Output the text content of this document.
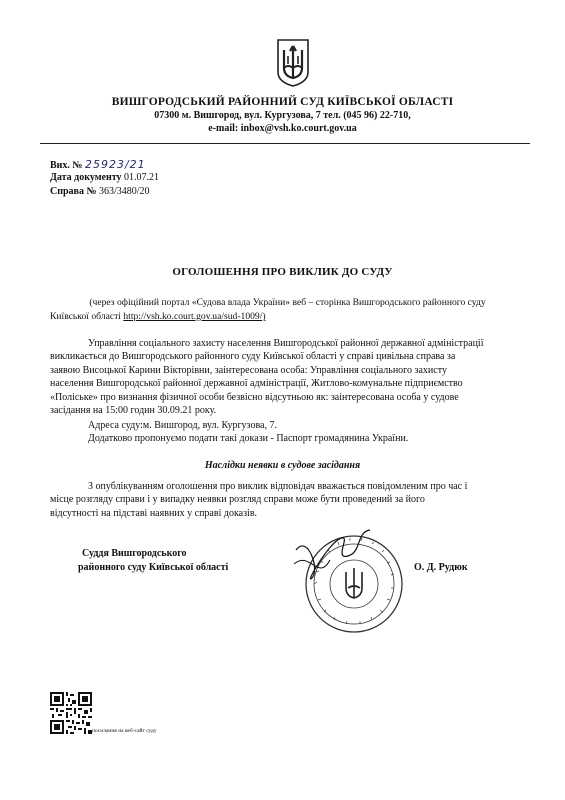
ВИШГОРОДСЬКИЙ РАЙОННИЙ СУД КИЇВСЬКОЇ ОБЛАСТІ
07300 м. Вишгород, вул. Кургузова, 7 тел. (045 96) 22-710,
e-mail: inbox@vsh.ko.court.gov.ua
Вих. № 25923/21
Дата документу 01.07.21
Справа № 363/3480/20
ОГОЛОШЕННЯ ПРО ВИКЛИК ДО СУДУ
(через офіційний портал «Судова влада України» веб – сторінка Вишгородського районного суду
Київської області http://vsh.ko.court.gov.ua/sud-1009/)
Управління соціального захисту населення Вишгородської районної державної адміністрації
викликається до Вишгородського районного суду Київської області у справі цивільна справа за
заявою Висоцької Карини Вікторівни, заінтересована особа: Управління соціального захисту
населення Вишгородської районної державної адміністрації, Житлово-комунальне підприємство
«Поліське» про визнання фізичної особи безвісно відсутньою як: заінтересована особа у судове
засідання на 15:00 годин 30.09.21 року.
Адреса суду:м. Вишгород, вул. Кургузова, 7.
Додатково пропонуємо подати такі докази - Паспорт громадянина України.
Наслідки неявки в судове засідання
З опублікуванням оголошення про виклик відповідач вважається повідомленим про час і
місце розгляду справи і у випадку неявки розгляд справи може бути проведений за його
відсутності на підставі наявних у справі доказів.
Суддя Вишгородського
районного суду Київської області	О. Д. Рудюк
посилання на веб-сайт суду
